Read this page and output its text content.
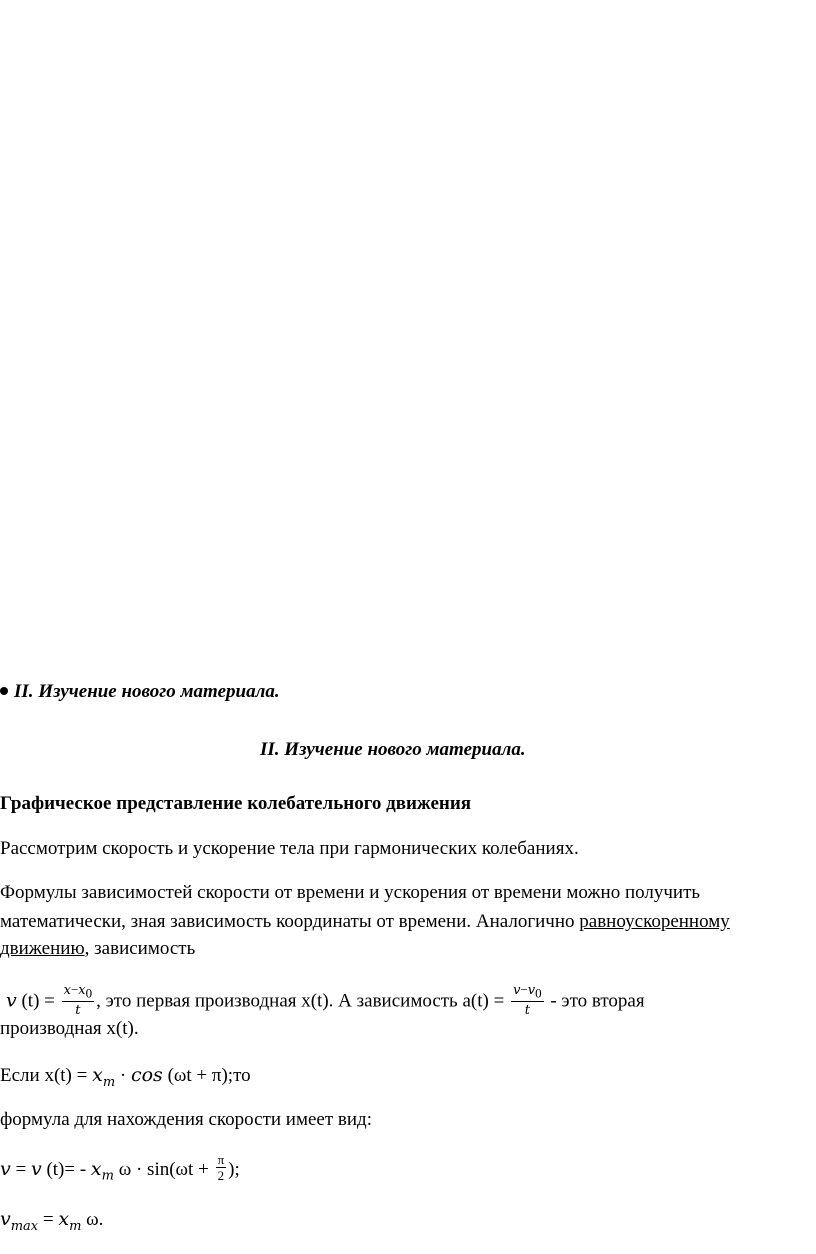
II. Изучение нового материала.
II. Изучение нового материала.
Графическое представление колебательного движения
Рассмотрим скорость и ускорение тела при гармонических колебаниях.
Формулы зависимостей скорости от времени и ускорения от времени можно получить
математически, зная зависимость координаты от времени. Аналогично равноускоренному
движению, зависимость
𝑣 $(t) = \frac{𝑥-𝑥_0}{\text{𝑡}}$ , это первая производная x(t). А зависимость $a(t) = \frac{𝑣-𝑣_0}{\text{𝑡}}$ - это вторая
производная x(t).
Если x(t) = 𝑥$_𝑚$ · 𝑐𝑜𝑠 (ωt + π);то
формула для нахождения скорости имеет вид:
𝑣 = 𝑣 (t)= - 𝑥$_𝑚$ $\omega \cdot \sin(\omega t + \frac{\pi}{2}$ );
𝑣$_{𝑚𝑎𝑥}$ = 𝑥$_𝑚$ ω.
